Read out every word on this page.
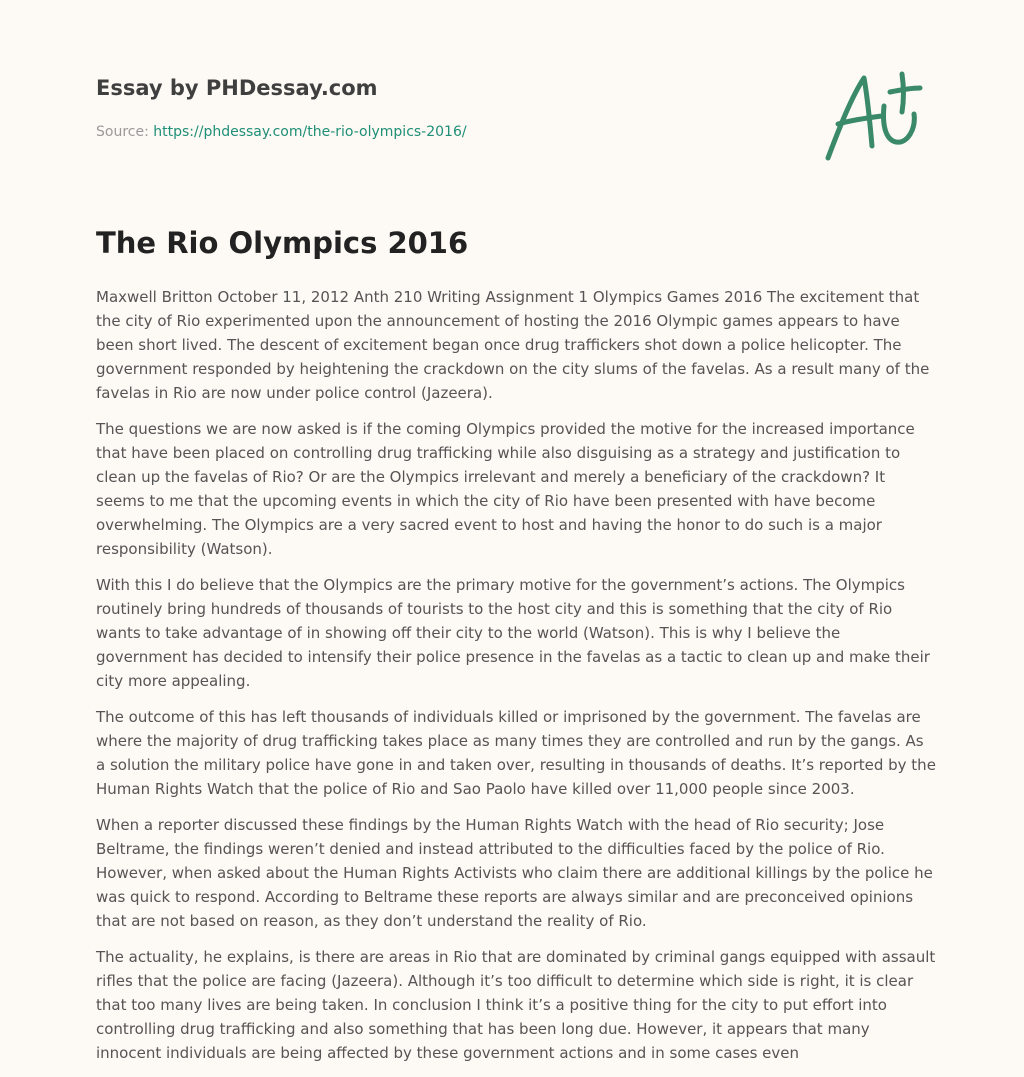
Essay by PHDessay.com
Source: https://phdessay.com/the-rio-olympics-2016/
The Rio Olympics 2016

Maxwell Britton October 11, 2012 Anth 210 Writing Assignment 1 Olympics Games 2016 The excitement that the city of Rio experimented upon the announcement of hosting the 2016 Olympic games appears to have been short lived. The descent of excitement began once drug traffickers shot down a police helicopter. The government responded by heightening the crackdown on the city slums of the favelas. As a result many of the favelas in Rio are now under police control (Jazeera).

The questions we are now asked is if the coming Olympics provided the motive for the increased importance that have been placed on controlling drug trafficking while also disguising as a strategy and justification to clean up the favelas of Rio? Or are the Olympics irrelevant and merely a beneficiary of the crackdown? It seems to me that the upcoming events in which the city of Rio have been presented with have become overwhelming. The Olympics are a very sacred event to host and having the honor to do such is a major responsibility (Watson).

With this I do believe that the Olympics are the primary motive for the government’s actions. The Olympics routinely bring hundreds of thousands of tourists to the host city and this is something that the city of Rio wants to take advantage of in showing off their city to the world (Watson). This is why I believe the government has decided to intensify their police presence in the favelas as a tactic to clean up and make their city more appealing.

The outcome of this has left thousands of individuals killed or imprisoned by the government. The favelas are where the majority of drug trafficking takes place as many times they are controlled and run by the gangs. As a solution the military police have gone in and taken over, resulting in thousands of deaths. It’s reported by the Human Rights Watch that the police of Rio and Sao Paolo have killed over 11,000 people since 2003.

When a reporter discussed these findings by the Human Rights Watch with the head of Rio security; Jose Beltrame, the findings weren’t denied and instead attributed to the difficulties faced by the police of Rio. However, when asked about the Human Rights Activists who claim there are additional killings by the police he was quick to respond. According to Beltrame these reports are always similar and are preconceived opinions that are not based on reason, as they don’t understand the reality of Rio.

The actuality, he explains, is there are areas in Rio that are dominated by criminal gangs equipped with assault rifles that the police are facing (Jazeera). Although it’s too difficult to determine which side is right, it is clear that too many lives are being taken. In conclusion I think it’s a positive thing for the city to put effort into controlling drug trafficking and also something that has been long due. However, it appears that many innocent individuals are being affected by these government actions and in some cases even
